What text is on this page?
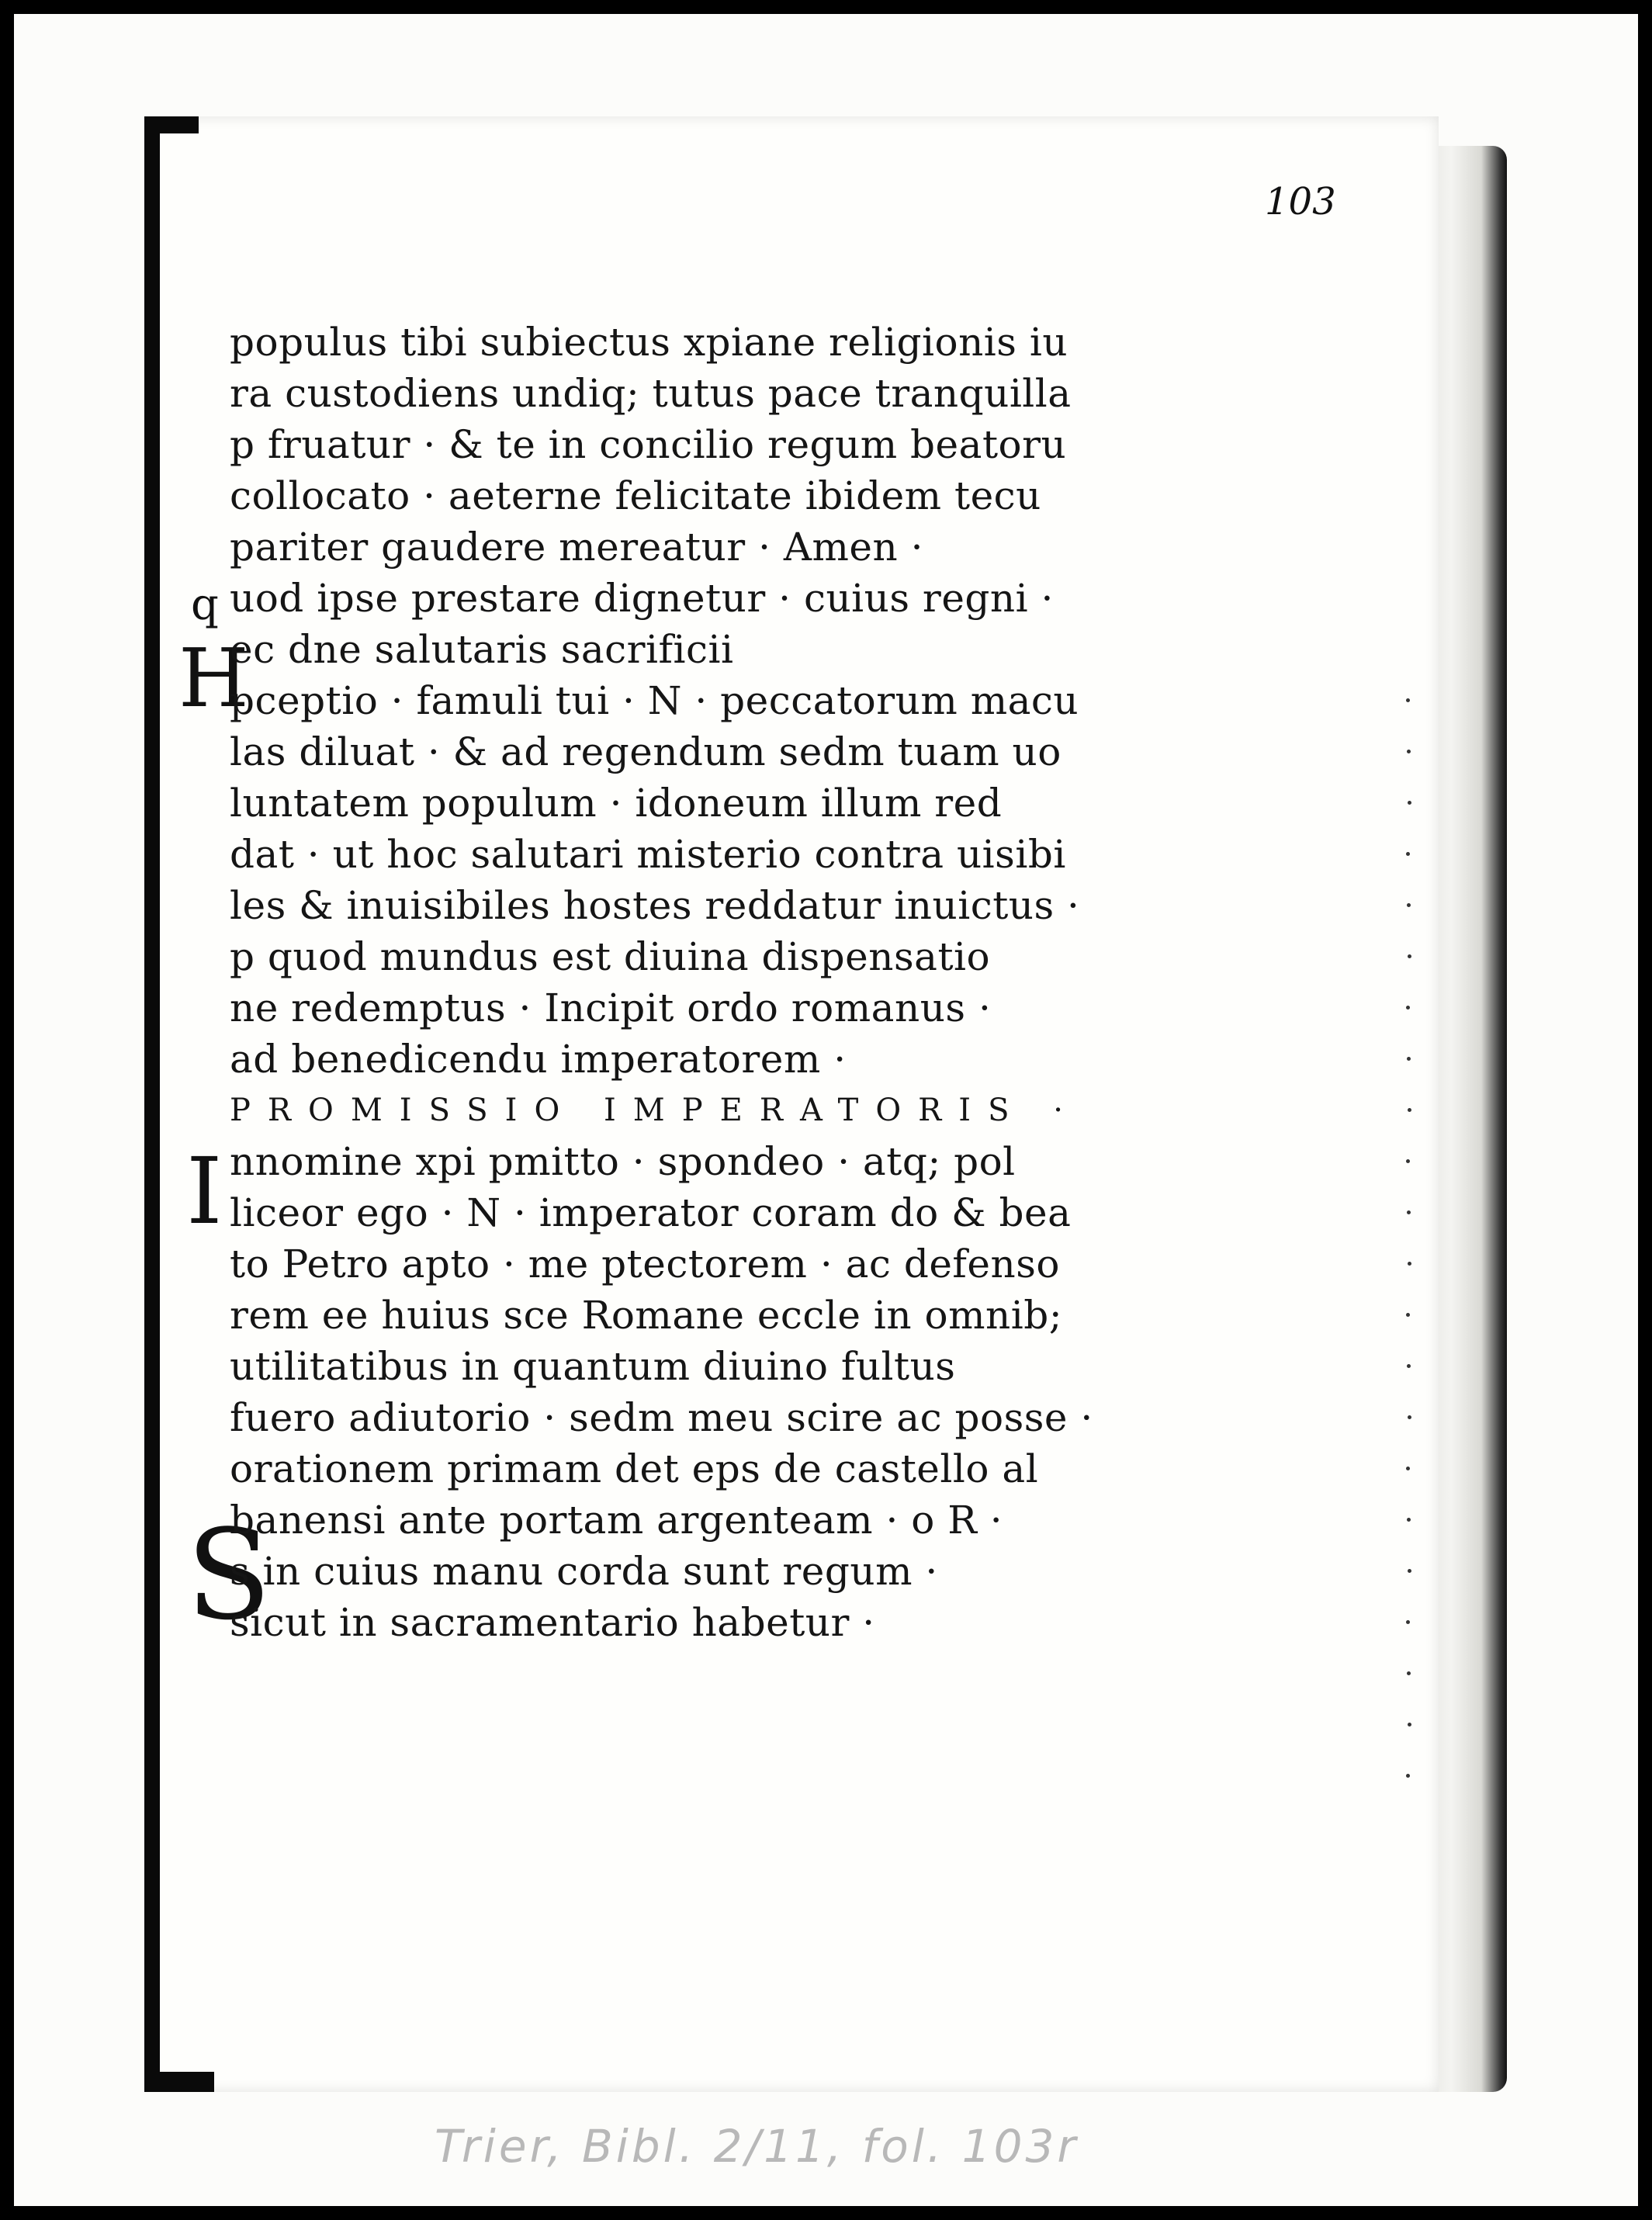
103
q
H
I
S
populus tibi subiectus xpiane religionis iu
ra custodiens undiq; tutus pace tranquilla
p fruatur · & te in concilio regum beatoru
collocato · aeterne felicitate ibidem tecu
pariter gaudere mereatur · Amen ·
uod ipse prestare dignetur · cuius regni ·
ec dne salutaris sacrificii
pceptio · famuli tui · N · peccatorum macu
las diluat · & ad regendum sedm tuam uo
luntatem populum · idoneum illum red
dat · ut hoc salutari misterio contra uisibi
les & inuisibiles hostes reddatur inuictus ·
p quod mundus est diuina dispensatio
ne redemptus · Incipit ordo romanus ·
ad benedicendu imperatorem ·
PROMISSIO IMPERATORIS ·
nnomine xpi pmitto · spondeo · atq; pol
liceor ego · N · imperator coram do & bea
to Petro apto · me ptectorem · ac defenso
rem ee huius sce Romane eccle in omnib;
utilitatibus in quantum diuino fultus
fuero adiutorio · sedm meu scire ac posse ·
orationem primam det eps de castello al
banensi ante portam argenteam · o R ·
s in cuius manu corda sunt regum ·
sicut in sacramentario habetur ·
Trier, Bibl. 2/11, fol. 103r
